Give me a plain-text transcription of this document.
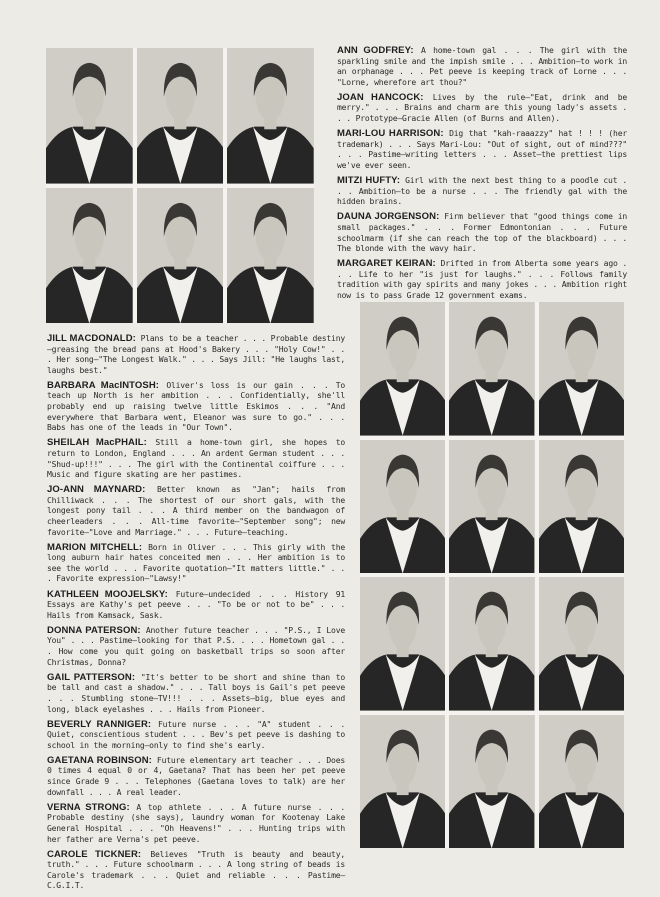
ANN GODFREY: A home-town gal . . . The girl with the sparkling smile and the impish smile . . . Ambition—to work in an orphanage . . . Pet peeve is keeping track of Lorne . . . "Lorne, wherefore art thou?"

JOAN HANCOCK: Lives by the rule—"Eat, drink and be merry." . . . Brains and charm are this young lady's assets . . . Prototype—Gracie Allen (of Burns and Allen).

MARI-LOU HARRISON: Dig that "kah-raaazzy" hat ! ! ! (her trademark) . . . Says Mari-Lou: "Out of sight, out of mind???" . . . Pastime—writing letters . . . Asset—the prettiest lips we've ever seen.

MITZI HUFTY: Girl with the next best thing to a poodle cut . . . Ambition—to be a nurse . . . The friendly gal with the hidden brains.

DAUNA JORGENSON: Firm believer that "good things come in small packages." . . . Former Edmontonian . . . Future schoolmarm (if she can reach the top of the blackboard) . . . The blonde with the wavy hair.

MARGARET KEIRAN: Drifted in from Alberta some years ago . . . Life to her "is just for laughs." . . . Follows family tradition with gay spirits and many jokes . . . Ambition right now is to pass Grade 12 government exams.

JILL MACDONALD: Plans to be a teacher . . . Probable destiny—greasing the bread pans at Hood's Bakery . . . "Holy Cow!" . . . Her song—"The Longest Walk." . . . Says Jill: "He laughs last, laughs best."

BARBARA MacINTOSH: Oliver's loss is our gain . . . To teach up North is her ambition . . . Confidentially, she'll probably end up raising twelve little Eskimos . . . "And everywhere that Barbara went, Eleanor was sure to go." . . . Babs has one of the leads in "Our Town".

SHEILAH MacPHAIL: Still a home-town girl, she hopes to return to London, England . . . An ardent German student . . . "Shud-up!!!" . . . The girl with the Continental coiffure . . . Music and figure skating are her pastimes.

JO-ANN MAYNARD: Better known as "Jan"; hails from Chilliwack . . . The shortest of our short gals, with the longest pony tail . . . A third member on the bandwagon of cheerleaders . . . All-time favorite—"September song"; new favorite—"Love and Marriage." . . . Future—teaching.

MARION MITCHELL: Born in Oliver . . . This girly with the long auburn hair hates conceited men . . . Her ambition is to see the world . . . Favorite quotation—"It matters little." . . . Favorite expression—"Lawsy!"

KATHLEEN MOOJELSKY: Future—undecided . . . History 91 Essays are Kathy's pet peeve . . . "To be or not to be" . . . Hails from Kamsack, Sask.

DONNA PATERSON: Another future teacher . . . "P.S., I Love You" . . . Pastime—looking for that P.S. . . . Hometown gal . . . How come you quit going on basketball trips so soon after Christmas, Donna?

GAIL PATTERSON: "It's better to be short and shine than to be tall and cast a shadow." . . . Tall boys is Gail's pet peeve . . . Stumbling stone—TV!!! . . . Assets—big, blue eyes and long, black eyelashes . . . Hails from Pioneer.

BEVERLY RANNIGER: Future nurse . . . "A" student . . . Quiet, conscientious student . . . Bev's pet peeve is dashing to school in the morning—only to find she's early.

GAETANA ROBINSON: Future elementary art teacher . . . Does 0 times 4 equal 0 or 4, Gaetana? That has been her pet peeve since Grade 9 . . . Telephones (Gaetana loves to talk) are her downfall . . . A real leader.

VERNA STRONG: A top athlete . . . A future nurse . . . Probable destiny (she says), laundry woman for Kootenay Lake General Hospital . . . "Oh Heavens!" . . . Hunting trips with her father are Verna's pet peeve.

CAROLE TICKNER: Believes "Truth is beauty and beauty, truth." . . . Future schoolmarm . . . A long string of beads is Carole's trademark . . . Quiet and reliable . . . Pastime—C.G.I.T.
